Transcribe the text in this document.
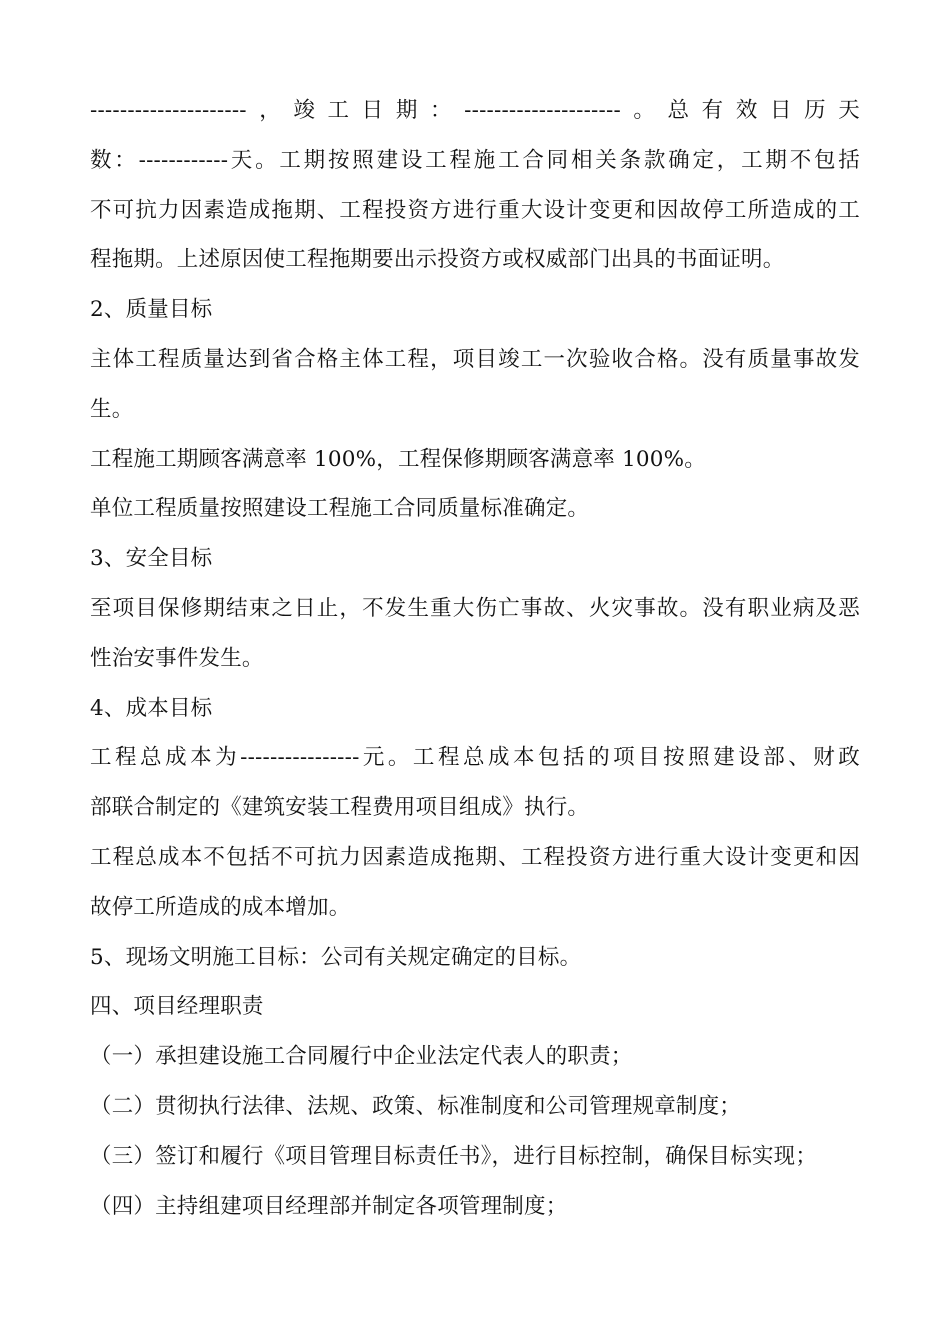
---------------------，竣工日期：---------------------。总有效日历天
数：------------天。工期按照建设工程施工合同相关条款确定，工期不包括
不可抗力因素造成拖期、工程投资方进行重大设计变更和因故停工所造成的工
程拖期。上述原因使工程拖期要出示投资方或权威部门出具的书面证明。
2、质量目标
主体工程质量达到省合格主体工程，项目竣工一次验收合格。没有质量事故发
生。
工程施工期顾客满意率 100%，工程保修期顾客满意率 100%。
单位工程质量按照建设工程施工合同质量标准确定。
3、安全目标
至项目保修期结束之日止，不发生重大伤亡事故、火灾事故。没有职业病及恶
性治安事件发生。
4、成本目标
工程总成本为----------------元。工程总成本包括的项目按照建设部、财政
部联合制定的《建筑安装工程费用项目组成》执行。
工程总成本不包括不可抗力因素造成拖期、工程投资方进行重大设计变更和因
故停工所造成的成本增加。
5、现场文明施工目标：公司有关规定确定的目标。
四、项目经理职责
（一）承担建设施工合同履行中企业法定代表人的职责；
（二）贯彻执行法律、法规、政策、标准制度和公司管理规章制度；
（三）签订和履行《项目管理目标责任书》，进行目标控制，确保目标实现；
（四）主持组建项目经理部并制定各项管理制度；
